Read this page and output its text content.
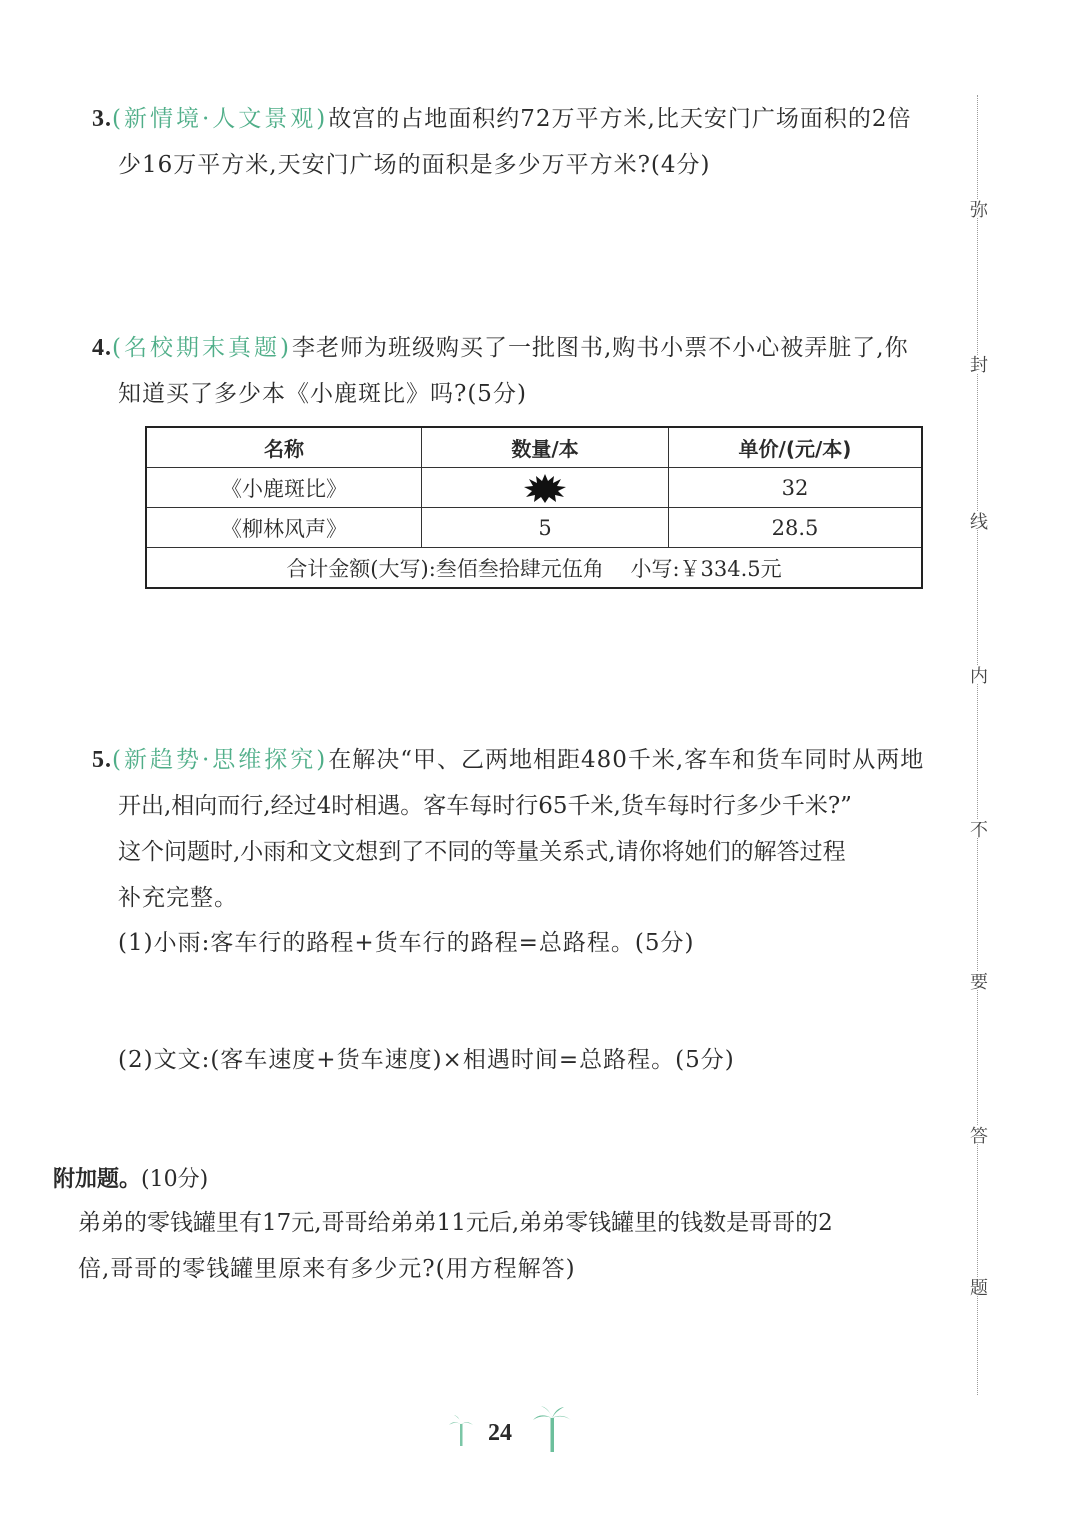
3.(新情境·人文景观)故宫的占地面积约72万平方米,比天安门广场面积的2倍
少16万平方米,天安门广场的面积是多少万平方米?(4分)
4.(名校期末真题)李老师为班级购买了一批图书,购书小票不小心被弄脏了,你
知道买了多少本《小鹿斑比》吗?(5分)
名称	数量/本	单价/(元/本)
《小鹿斑比》		32
《柳林风声》	5	28.5
合计金额(大写):叁佰叁拾肆元伍角    小写:￥334.5元		
5.(新趋势·思维探究)在解决“甲、乙两地相距480千米,客车和货车同时从两地
开出,相向而行,经过4时相遇。客车每时行65千米,货车每时行多少千米?”
这个问题时,小雨和文文想到了不同的等量关系式,请你将她们的解答过程
补充完整。
(1)小雨:客车行的路程+货车行的路程=总路程。(5分)
(2)文文:(客车速度+货车速度)×相遇时间=总路程。(5分)
附加题。(10分)
弟弟的零钱罐里有17元,哥哥给弟弟11元后,弟弟零钱罐里的钱数是哥哥的2
倍,哥哥的零钱罐里原来有多少元?(用方程解答)
弥
封
线
内
不
要
答
题
24
